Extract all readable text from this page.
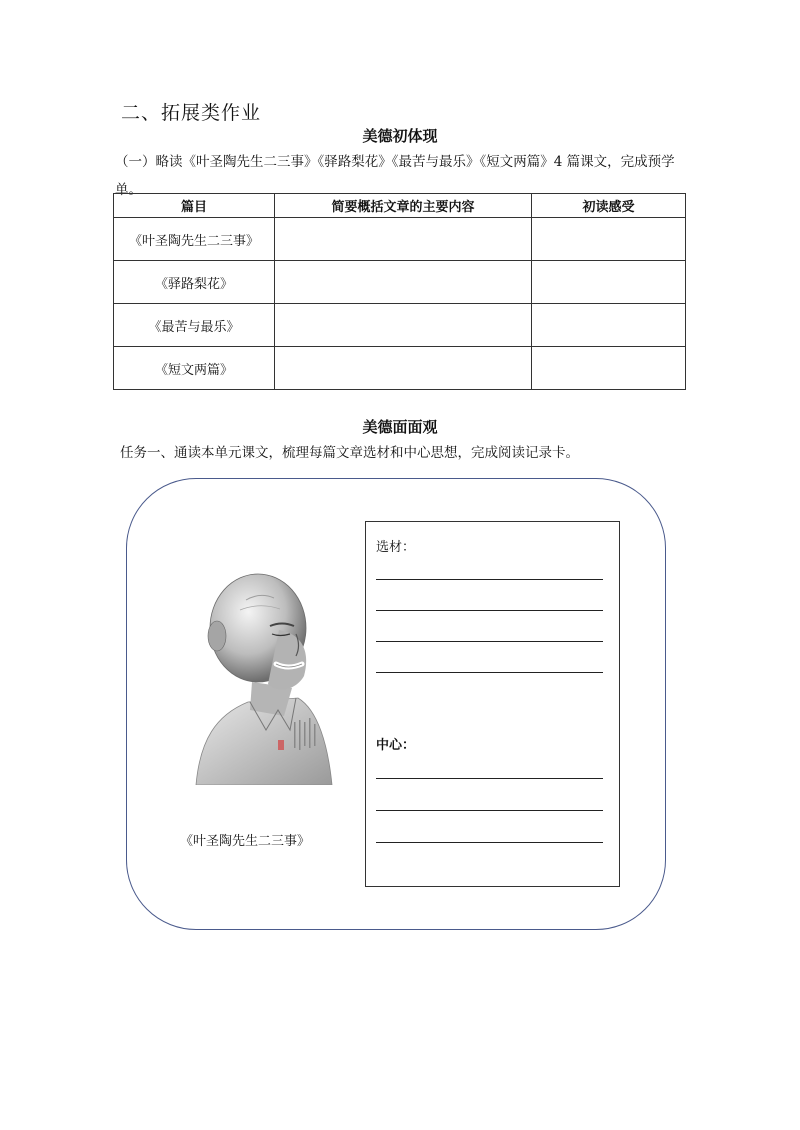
二、拓展类作业
美德初体现
（一）略读《叶圣陶先生二三事》《驿路梨花》《最苦与最乐》《短文两篇》4 篇课文，完成预学单。
篇目	简要概括文章的主要内容	初读感受
《叶圣陶先生二三事》		
《驿路梨花》		
《最苦与最乐》		
《短文两篇》		
美德面面观
任务一、通读本单元课文，梳理每篇文章选材和中心思想，完成阅读记录卡。
《叶圣陶先生二三事》
选材：
中心：
